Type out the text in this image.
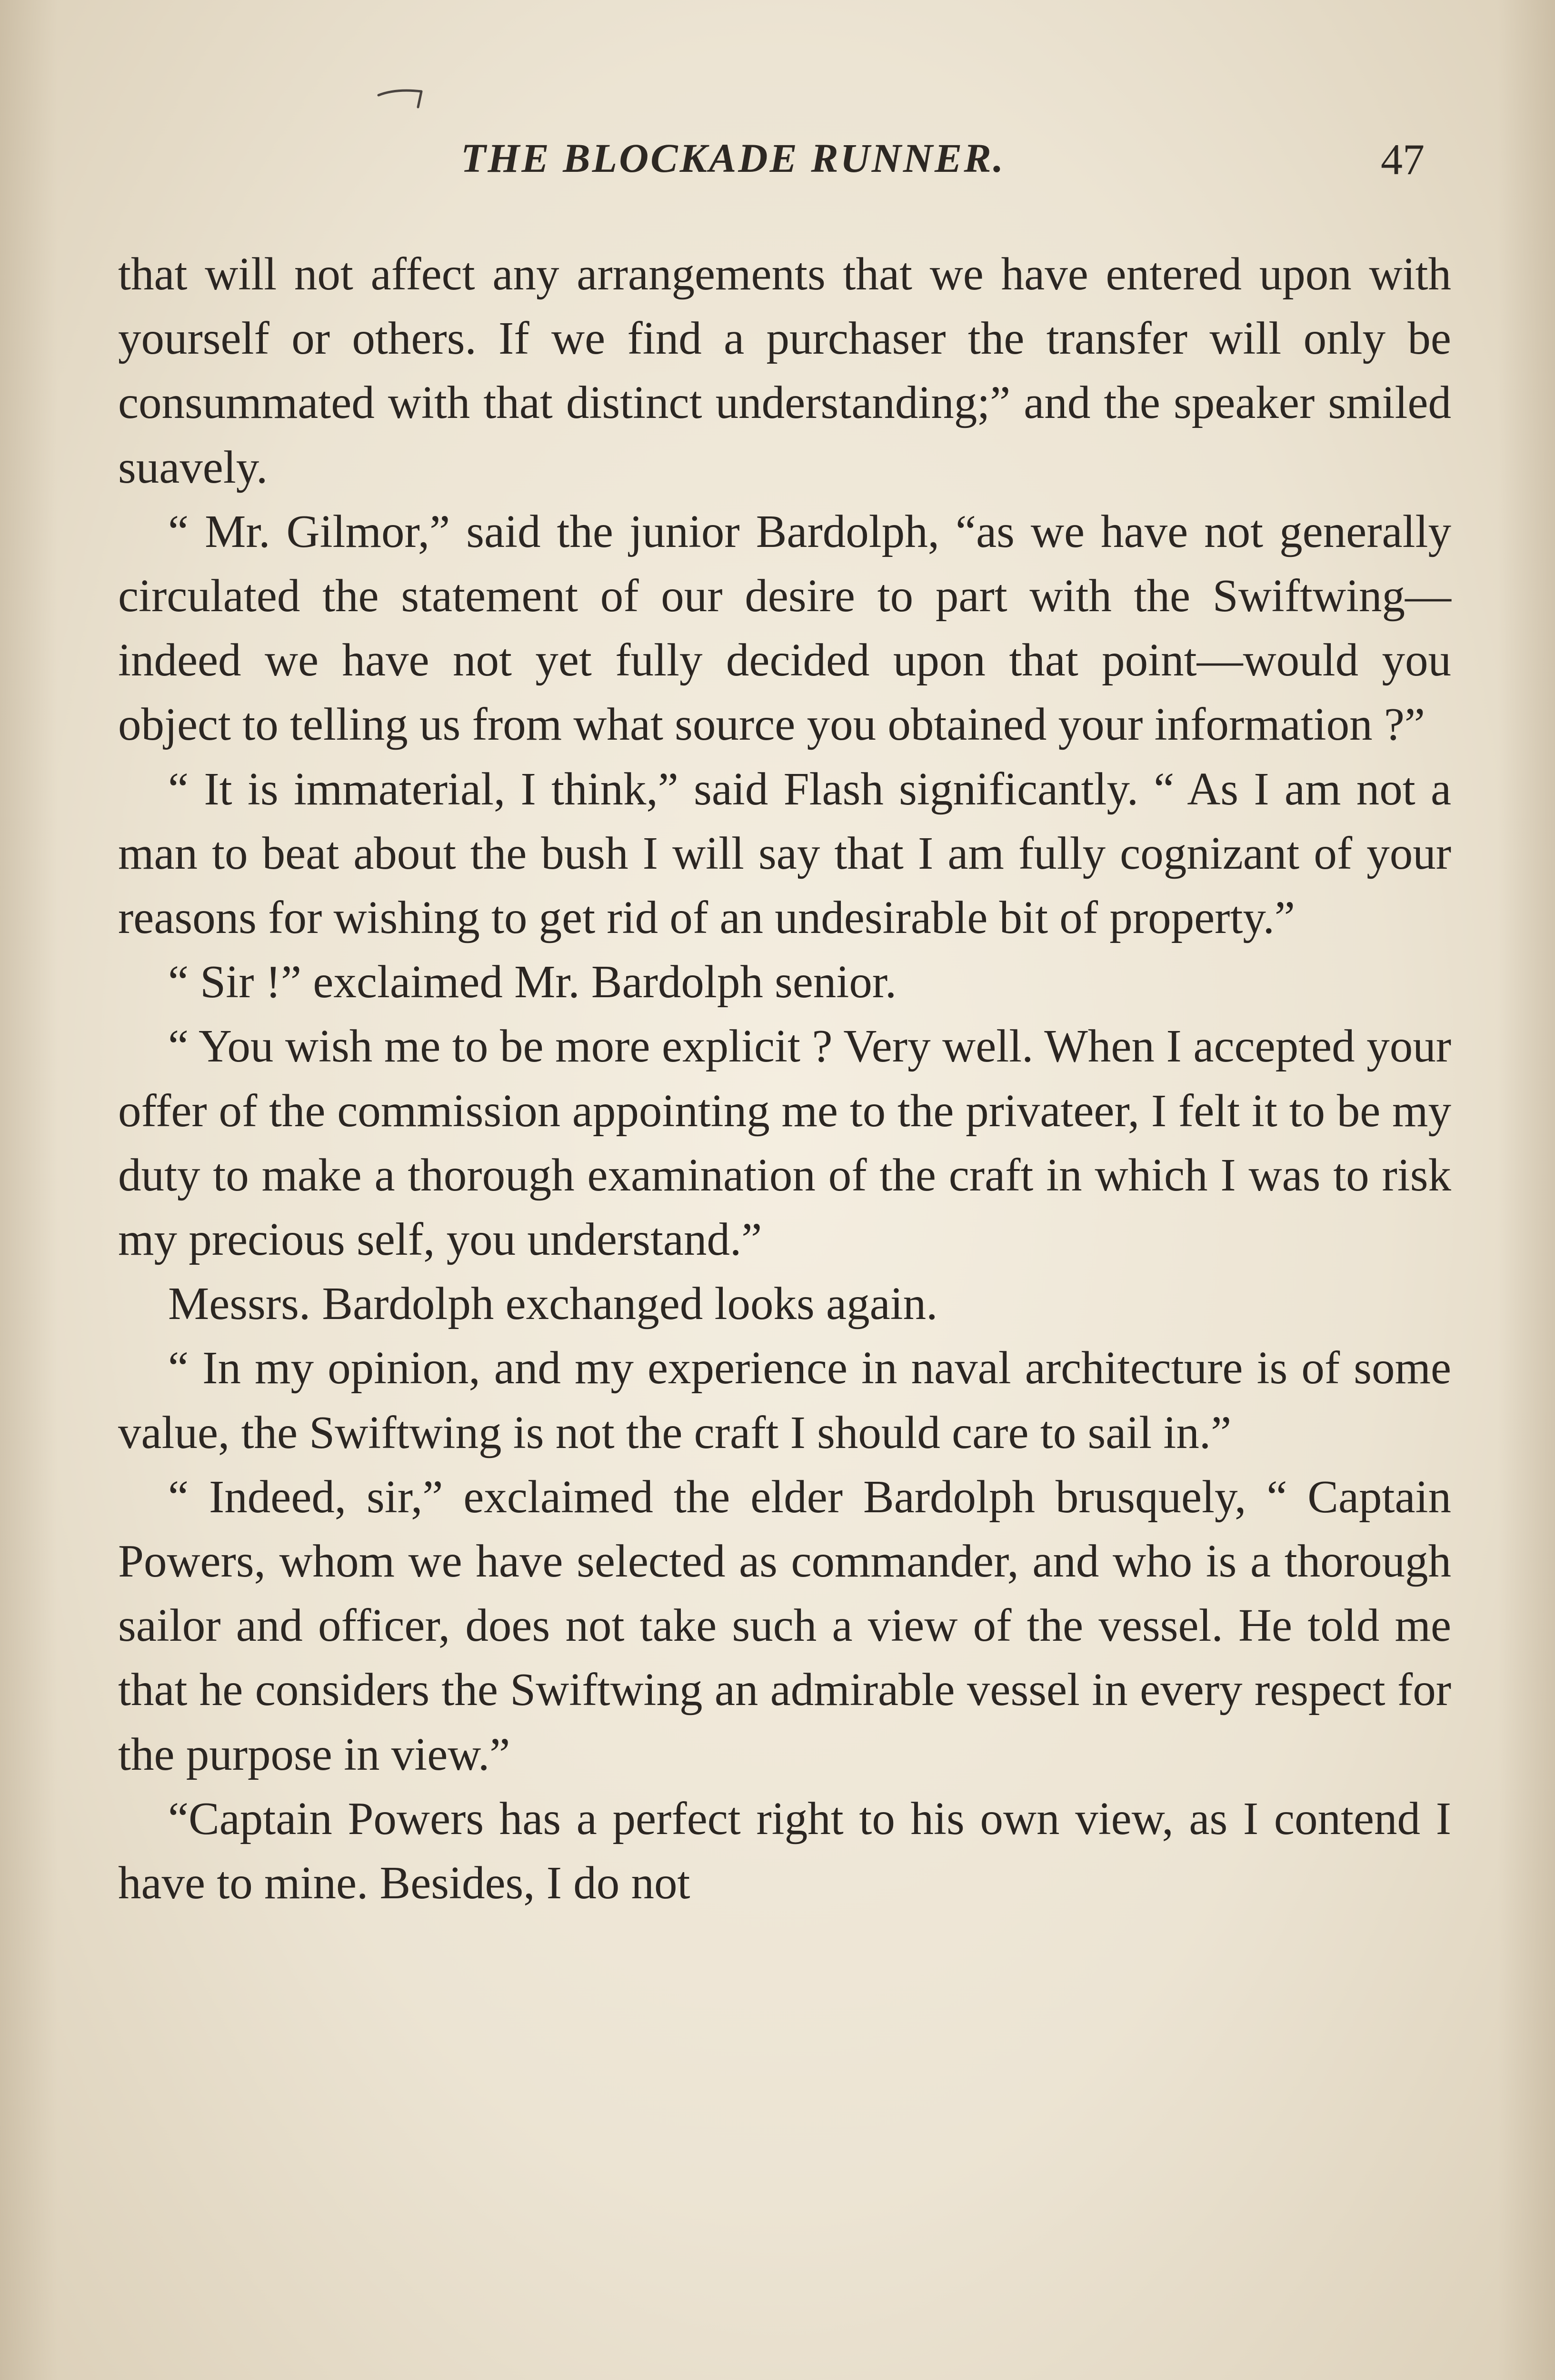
THE BLOCKADE RUNNER.	47

that will not affect any arrangements that we have entered upon with yourself or others. If we find a purchaser the transfer will only be consummated with that distinct understanding;” and the speaker smiled suavely.

“ Mr. Gilmor,” said the junior Bardolph, “as we have not generally circulated the statement of our desire to part with the Swiftwing—indeed we have not yet fully decided upon that point—would you object to telling us from what source you obtained your information ?”

“ It is immaterial, I think,” said Flash significantly. “ As I am not a man to beat about the bush I will say that I am fully cognizant of your reasons for wishing to get rid of an undesirable bit of property.”

“ Sir !” exclaimed Mr. Bardolph senior.

“ You wish me to be more explicit ? Very well. When I accepted your offer of the commission appointing me to the privateer, I felt it to be my duty to make a thorough examination of the craft in which I was to risk my precious self, you understand.”

Messrs. Bardolph exchanged looks again.

“ In my opinion, and my experience in naval architecture is of some value, the Swiftwing is not the craft I should care to sail in.”

“ Indeed, sir,” exclaimed the elder Bardolph brusquely, “ Captain Powers, whom we have selected as commander, and who is a thorough sailor and officer, does not take such a view of the vessel. He told me that he considers the Swiftwing an admirable vessel in every respect for the purpose in view.”

“Captain Powers has a perfect right to his own view, as I contend I have to mine. Besides, I do not
